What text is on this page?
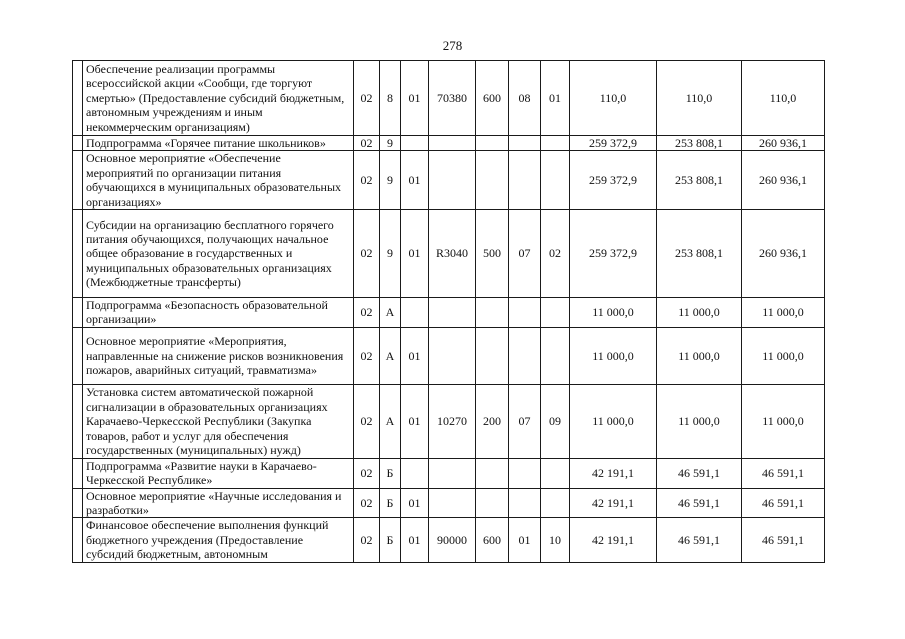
278
	Обеспечение реализации программы всероссийской акции «Сообщи, где торгуют смертью» (Предоставление субсидий бюджетным, автономным учреждениям и иным некоммерческим организациям)	02	8	01	70380	600	08	01	110,0	110,0	110,0
	Подпрограмма «Горячее питание школьников»	02	9						259 372,9	253 808,1	260 936,1
	Основное мероприятие «Обеспечение мероприятий по организации питания обучающихся в муниципальных образовательных организациях»	02	9	01					259 372,9	253 808,1	260 936,1
	Субсидии на организацию бесплатного горячего питания обучающихся, получающих начальное общее образование в государственных и муниципальных образовательных организациях (Межбюджетные трансферты)	02	9	01	R3040	500	07	02	259 372,9	253 808,1	260 936,1
	Подпрограмма «Безопасность образовательной организации»	02	А						11 000,0	11 000,0	11 000,0
	Основное мероприятие «Мероприятия, направленные на снижение рисков возникновения пожаров, аварийных ситуаций, травматизма»	02	А	01					11 000,0	11 000,0	11 000,0
	Установка систем автоматической пожарной сигнализации в образовательных организациях Карачаево-Черкесской Республики (Закупка товаров, работ и услуг для обеспечения государственных (муниципальных) нужд)	02	А	01	10270	200	07	09	11 000,0	11 000,0	11 000,0
	Подпрограмма «Развитие науки в Карачаево-Черкесской Республике»	02	Б						42 191,1	46 591,1	46 591,1
	Основное мероприятие «Научные исследования и разработки»	02	Б	01					42 191,1	46 591,1	46 591,1
	Финансовое обеспечение выполнения функций бюджетного учреждения (Предоставление субсидий бюджетным, автономным	02	Б	01	90000	600	01	10	42 191,1	46 591,1	46 591,1
